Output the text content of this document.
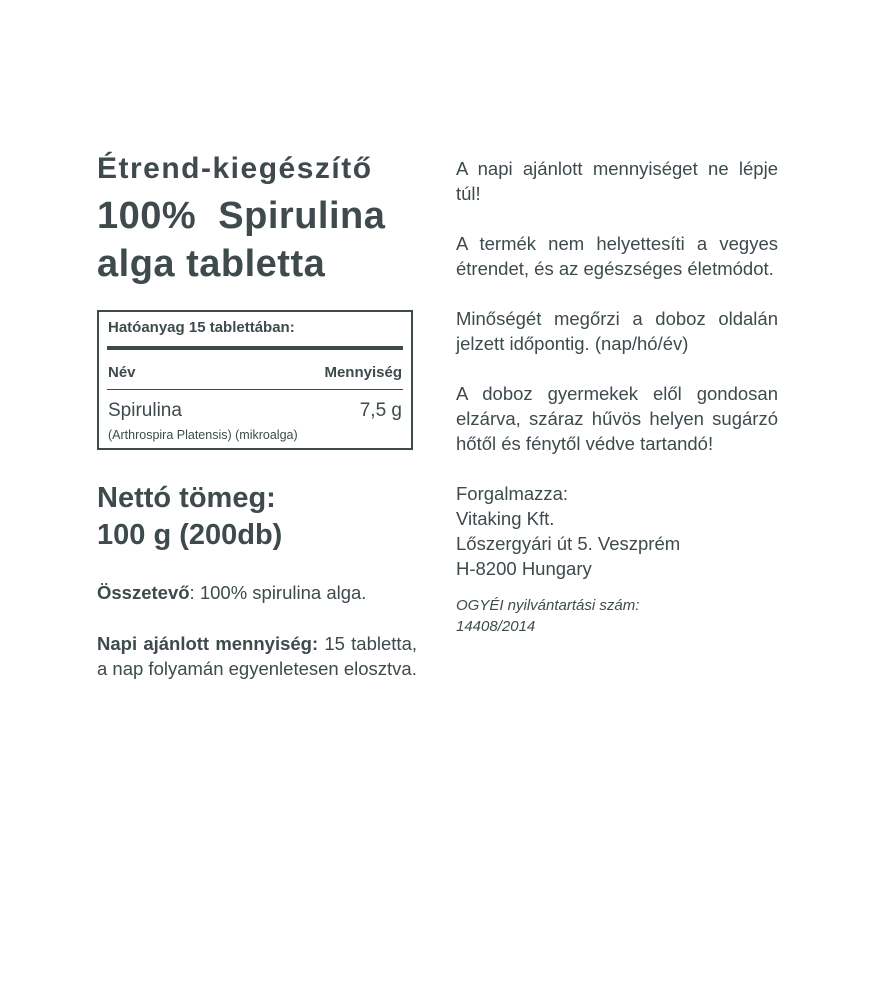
Étrend-kiegészítő
100%  Spirulina
alga tabletta
Hatóanyag 15 tablettában:
Név	Mennyiség
Spirulina	7,5 g
(Arthrospira Platensis) (mikroalga)
Nettó tömeg:
100 g (200db)

Összetevő: 100% spirulina alga.

Napi ajánlott mennyiség: 15 tabletta, a nap folyamán egyenletesen elosztva.

A napi ajánlott mennyiséget ne lépje túl!

A termék nem helyettesíti a vegyes étrendet, és az egészséges életmódot.

Minőségét megőrzi a doboz oldalán jelzett időpontig. (nap/hó/év)

A doboz gyermekek elől gondosan elzárva, száraz hűvös helyen sugárzó hőtől és fénytől védve tartandó!

Forgalmazza:

Vitaking Kft.

Lőszergyári út 5. Veszprém

H-8200 Hungary

OGYÉI nyilvántartási szám:
14408/2014
